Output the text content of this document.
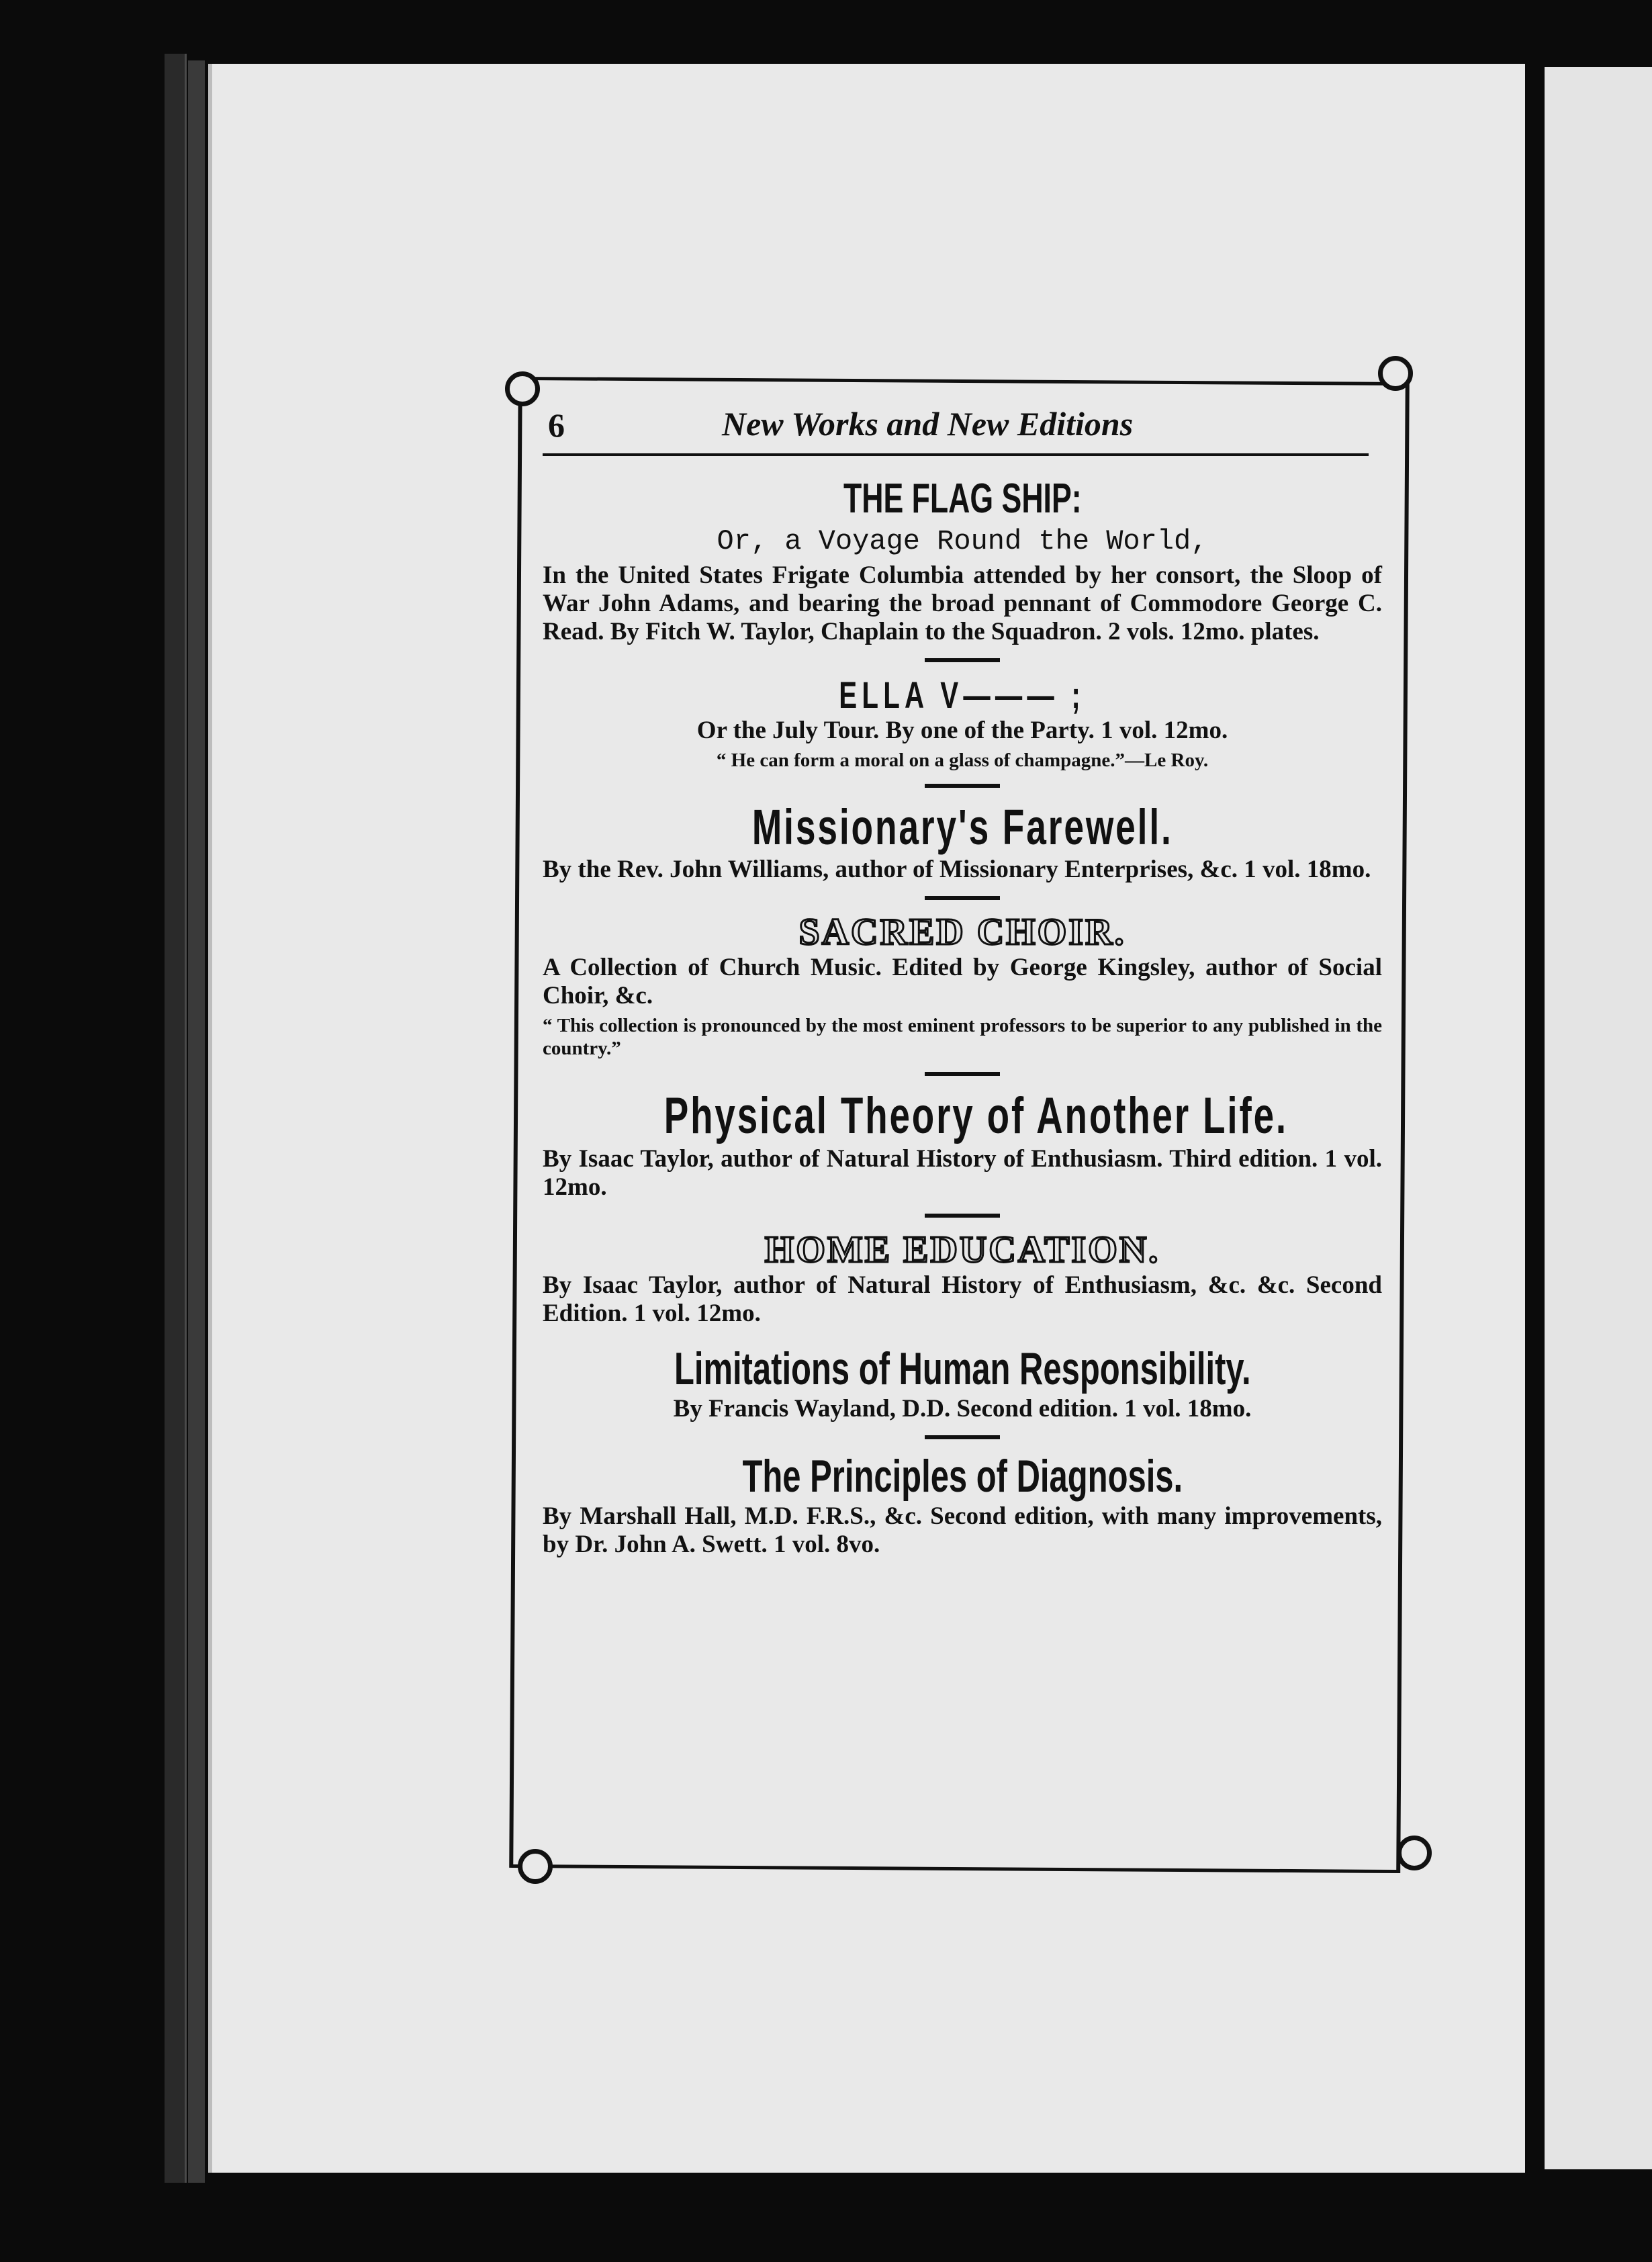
6	New Works and New Editions
THE FLAG SHIP:
Or, a Voyage Round the World,

In the United States Frigate Columbia attended by her consort, the Sloop of War John Adams, and bearing the broad pennant of Commodore George C. Read. By Fitch W. Taylor, Chaplain to the Squadron. 2 vols. 12mo. plates.

ELLA V——— ;

Or the July Tour. By one of the Party. 1 vol. 12mo.

“ He can form a moral on a glass of champagne.”—Le Roy.

Missionary's Farewell.

By the Rev. John Williams, author of Missionary Enterprises, &c. 1 vol. 18mo.

SACRED CHOIR.

A Collection of Church Music. Edited by George Kingsley, author of Social Choir, &c.

“ This collection is pronounced by the most eminent professors to be superior to any published in the country.”

Physical Theory of Another Life.

By Isaac Taylor, author of Natural History of Enthusiasm. Third edition. 1 vol. 12mo.

HOME EDUCATION.

By Isaac Taylor, author of Natural History of Enthusiasm, &c. &c. Second Edition. 1 vol. 12mo.

Limitations of Human Responsibility.

By Francis Wayland, D.D. Second edition. 1 vol. 18mo.

The Principles of Diagnosis.

By Marshall Hall, M.D. F.R.S., &c. Second edition, with many improvements, by Dr. John A. Swett. 1 vol. 8vo.
